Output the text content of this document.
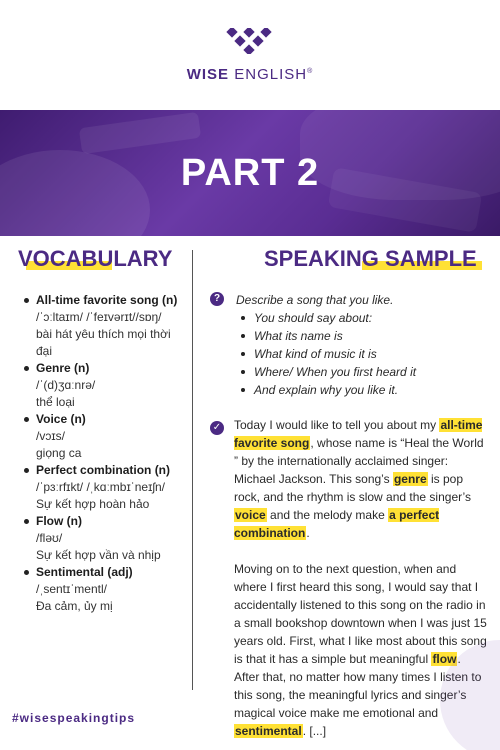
WISE ENGLISH®
PART 2
VOCABULARY	SPEAKING SAMPLE
All-time favorite song (n)
/ˈɔːltaɪm/ /ˈfeɪvərɪt//sɒŋ/
bài hát yêu thích mọi thời đại
Genre (n)
/ˈ(d)ʒɑːnrə/
thể loại
Voice (n)
/vɔɪs/
giọng ca
Perfect combination (n)
/ˈpɜːrfɪkt/ /ˌkɑːmbɪˈneɪʃn/
Sự kết hợp hoàn hảo
Flow (n)
/fləʊ/
Sự kết hợp vần và nhịp
Sentimental (adj)
/ˌsentɪˈmentl/
Đa cảm, ủy mị
?	Describe a song that you like.
You should say about:
What its name is
What kind of music it is
Where/ When you first heard it
And explain why you like it.
✓ Today I would like to tell you about my all-time favorite song, whose name is “Heal the World ” by the internationally acclaimed singer: Michael Jackson. This song’s genre is pop rock, and the rhythm is slow and the singer’s voice and the melody make a perfect combination.

Moving on to the next question, when and where I first heard this song, I would say that I accidentally listened to this song on the radio in a small bookshop downtown when I was just 15 years old. First, what I like most about this song is that it has a simple but meaningful flow. After that, no matter how many times I listen to this song, the meaningful lyrics and singer’s magical voice make me emotional and sentimental. [...]

#wisespeakingtips
